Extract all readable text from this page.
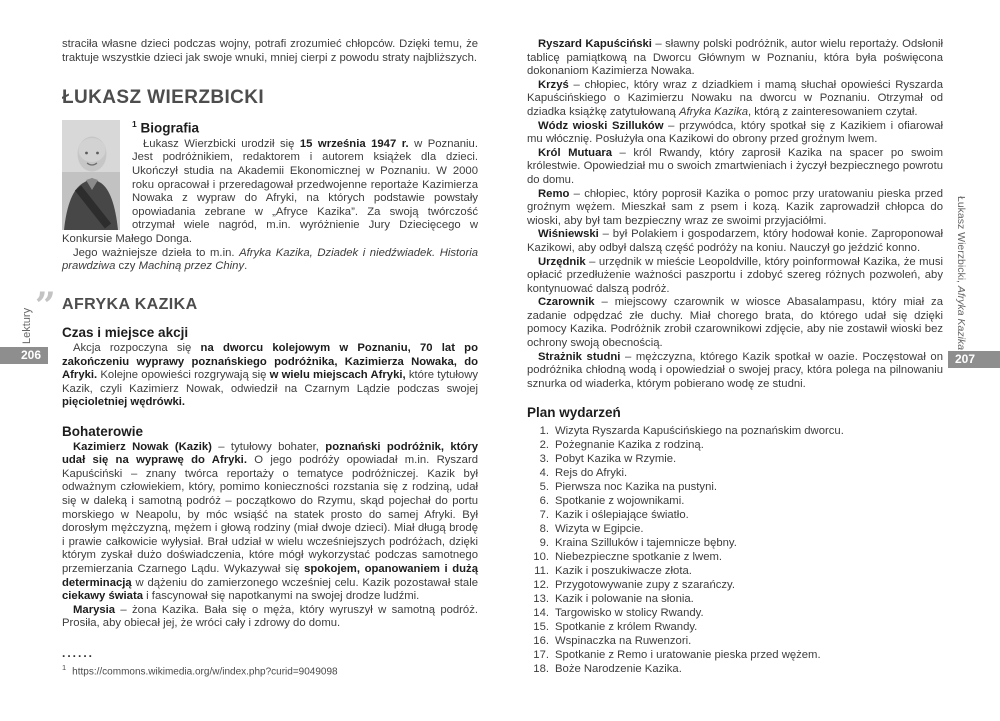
straciła własne dzieci podczas wojny, potrafi zrozumieć chłopców. Dzięki temu, że traktuje wszystkie dzieci jak swoje wnuki, mniej cierpi z powodu straty najbliższych.

ŁUKASZ WIERZBICKI
$^1$ Biografia

Łukasz Wierzbicki urodził się 15 września 1947 r. w Poznaniu. Jest podróżnikiem, redaktorem i autorem książek dla dzieci. Ukończył studia na Akademii Ekonomicznej w Poznaniu. W 2000 roku opracował i przeredagował przedwojenne reportaże Kazimierza Nowaka z wypraw do Afryki, na których podstawie powstały opowiadania zebrane w „Afryce Kazika”. Za swoją twórczość otrzymał wiele nagród, m.in. wyróżnienie Jury Dziecięcego w Konkursie Małego Donga.

Jego ważniejsze dzieła to m.in. Afryka Kazika, Dziadek i niedźwiadek. Historia prawdziwa czy Machiną przez Chiny.

” AFRYKA KAZIKA
Czas i miejsce akcji

Akcja rozpoczyna się na dworcu kolejowym w Poznaniu, 70 lat po zakończeniu wyprawy poznańskiego podróżnika, Kazimierza Nowaka, do Afryki. Kolejne opowieści rozgrywają się w wielu miejscach Afryki, które tytułowy Kazik, czyli Kazimierz Nowak, odwiedził na Czarnym Lądzie podczas swojej pięcioletniej wędrówki.

Bohaterowie

Kazimierz Nowak (Kazik) – tytułowy bohater, poznański podróżnik, który udał się na wyprawę do Afryki. O jego podróży opowiadał m.in. Ryszard Kapuściński – znany twórca reportaży o tematyce podróżniczej. Kazik był odważnym człowiekiem, który, pomimo konieczności rozstania się z rodziną, udał się w daleką i samotną podróż – początkowo do Rzymu, skąd pojechał do portu morskiego w Neapolu, by móc wsiąść na statek prosto do samej Afryki. Był dorosłym mężczyzną, mężem i głową rodziny (miał dwoje dzieci). Miał długą brodę i prawie całkowicie wyłysiał. Brał udział w wielu wcześniejszych podróżach, dzięki którym zyskał dużo doświadczenia, które mógł wykorzystać podczas samotnego przemierzania Czarnego Lądu. Wykazywał się spokojem, opanowaniem i dużą determinacją w dążeniu do zamierzonego wcześniej celu. Kazik pozostawał stale ciekawy świata i fascynował się napotkanymi na swojej drodze ludźmi.

Marysia – żona Kazika. Bała się o męża, który wyruszył w samotną podróż. Prosiła, aby obiecał jej, że wróci cały i zdrowy do domu.

......
$^1$ https://commons.wikimedia.org/w/index.php?curid=9049098

Ryszard Kapuściński – sławny polski podróżnik, autor wielu reportaży. Odsłonił tablicę pamiątkową na Dworcu Głównym w Poznaniu, która była poświęcona dokonaniom Kazimierza Nowaka.

Krzyś – chłopiec, który wraz z dziadkiem i mamą słuchał opowieści Ryszarda Kapuścińskiego o Kazimierzu Nowaku na dworcu w Poznaniu. Otrzymał od dziadka książkę zatytułowaną Afryka Kazika, którą z zainteresowaniem czytał.

Wódz wioski Szilluków – przywódca, który spotkał się z Kazikiem i ofiarował mu włócznię. Posłużyła ona Kazikowi do obrony przed groźnym lwem.

Król Mutuara – król Rwandy, który zaprosił Kazika na spacer po swoim królestwie. Opowiedział mu o swoich zmartwieniach i życzył bezpiecznego powrotu do domu.

Remo – chłopiec, który poprosił Kazika o pomoc przy uratowaniu pieska przed groźnym wężem. Mieszkał sam z psem i kozą. Kazik zaprowadził chłopca do wioski, aby był tam bezpieczny wraz ze swoimi przyjaciółmi.

Wiśniewski – był Polakiem i gospodarzem, który hodował konie. Zaproponował Kazikowi, aby odbył dalszą część podróży na koniu. Nauczył go jeździć konno.

Urzędnik – urzędnik w mieście Leopoldville, który poinformował Kazika, że musi opłacić przedłużenie ważności paszportu i zdobyć szereg różnych pozwoleń, aby kontynuować dalszą podróż.

Czarownik – miejscowy czarownik w wiosce Abasalampasu, który miał za zadanie odpędzać złe duchy. Miał chorego brata, do którego udał się dzięki pomocy Kazika. Podróżnik zrobił czarownikowi zdjęcie, aby nie zostawił wioski bez ochrony swoją obecnością.

Strażnik studni – mężczyzna, którego Kazik spotkał w oazie. Poczęstował on podróżnika chłodną wodą i opowiedział o swojej pracy, która polega na pilnowaniu sznurka od wiaderka, którym pobierano wodę ze studni.

Plan wydarzeń
1. Wizyta Ryszarda Kapuścińskiego na poznańskim dworcu.
2. Pożegnanie Kazika z rodziną.
3. Pobyt Kazika w Rzymie.
4. Rejs do Afryki.
5. Pierwsza noc Kazika na pustyni.
6. Spotkanie z wojownikami.
7. Kazik i oślepiające światło.
8. Wizyta w Egipcie.
9. Kraina Szilluków i tajemnicze bębny.
10. Niebezpieczne spotkanie z lwem.
11. Kazik i poszukiwacze złota.
12. Przygotowywanie zupy z szarańczy.
13. Kazik i polowanie na słonia.
14. Targowisko w stolicy Rwandy.
15. Spotkanie z królem Rwandy.
16. Wspinaczka na Ruwenzori.
17. Spotkanie z Remo i uratowanie pieska przed wężem.
18. Boże Narodzenie Kazika.
Lektury
206
Łukasz Wierzbicki, Afryka Kazika
207
